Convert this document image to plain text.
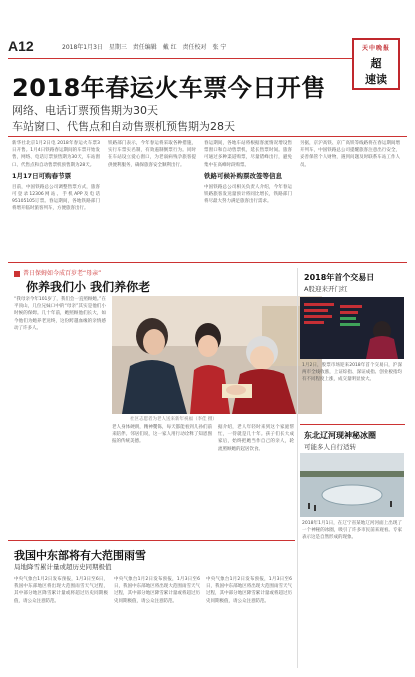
A12	2018年1月3日 星期三 责任编辑 戴 红 责任校对 张 宁	天中晚报
超
速读
2018年春运火车票今日开售
网络、电话订票预售期为30天
车站窗口、代售点和自动售票机预售期为28天
新华社北京1月2日电 2018年春运火车票3日开售。1月4日铁路春运期间的车票开始发售，网络、电话订票预售期为30天，车站窗口、代售点和自动售票机预售期为28天。
1月17日可购春节票
目前，中国铁路总公司调整售票方式，旅客可登录12306网站、手机APP及电话95105105订票。春运期间，各地铁路部门将增开临时旅客列车，方便旅客出行。
铁路部门表示，今年春运将采取各种措施，实行车票实名制，有效遏制倒票行为。同时在车站设立爱心窗口，为老弱病残孕旅客提供便利服务，确保旅客安全顺利出行。
春运期间，各地车站将根据客流情况增设售票窗口和自动售票机，延长售票时间。旅客可通过多种渠道购票，尽量错峰出行，避免集中在高峰时段购票。
铁路可候补购票改签等信息
中国铁路总公司相关负责人介绍，今年春运铁路旅客发送量预计将同比增长，铁路部门将尽最大努力满足旅客出行需求。
另据，京沪高铁、京广高铁等线路将在春运期间增开列车，中国铁路总公司提醒旅客注意出行安全，妥善保管个人财物，遇到问题及时联系车站工作人员。
普日保姆如今成百岁老“母亲”
你养我们小 我们养你老
“我母亲今年101岁了，我们会一直照顾她。”在平顶山，几位兄妹口中的“母亲”其实是他们小时候的保姆。几十年前，她照顾他们长大，如今他们为她养老送终，这份跨越血缘的亲情感动了许多人。
社区志愿者为老人送来新年祝福（李佳 摄）
老人身体硬朗，精神矍铄，每天都能看到儿孙们前来陪伴。邻居们说，这一家人用行动诠释了知恩图报的传统美德。
据介绍，老人年轻时来到这个家庭帮忙，一待就是几十年。孩子们长大成家后，始终把她当作自己的亲人，轮流照顾她的起居饮食。
2018年首个交易日
A股迎来开门红
1月2日，股票市场迎来2018年首个交易日，沪深两市全线收涨，上证综指、深证成指、创业板指均有不同程度上涨，成交量明显放大。
东北辽河现神秘冰圈
可能多人自行适转
2018年1月1日，在辽宁省某地辽河河面上出现了一个神秘的冰圈，吸引了许多市民前来观看。专家表示这是自然形成的现象。
我国中东部将有大范围雨雪
局地降雪累计量或超历史同期极值
中央气象台1月2日发布预报，1月3日至6日，我国中东部地区将出现大范围雨雪天气过程，其中部分地区降雪累计量或将超过历史同期极值，请公众注意防范。
中央气象台1月2日发布预报，1月3日至6日，我国中东部地区将出现大范围雨雪天气过程，其中部分地区降雪累计量或将超过历史同期极值，请公众注意防范。
中央气象台1月2日发布预报，1月3日至6日，我国中东部地区将出现大范围雨雪天气过程，其中部分地区降雪累计量或将超过历史同期极值，请公众注意防范。
